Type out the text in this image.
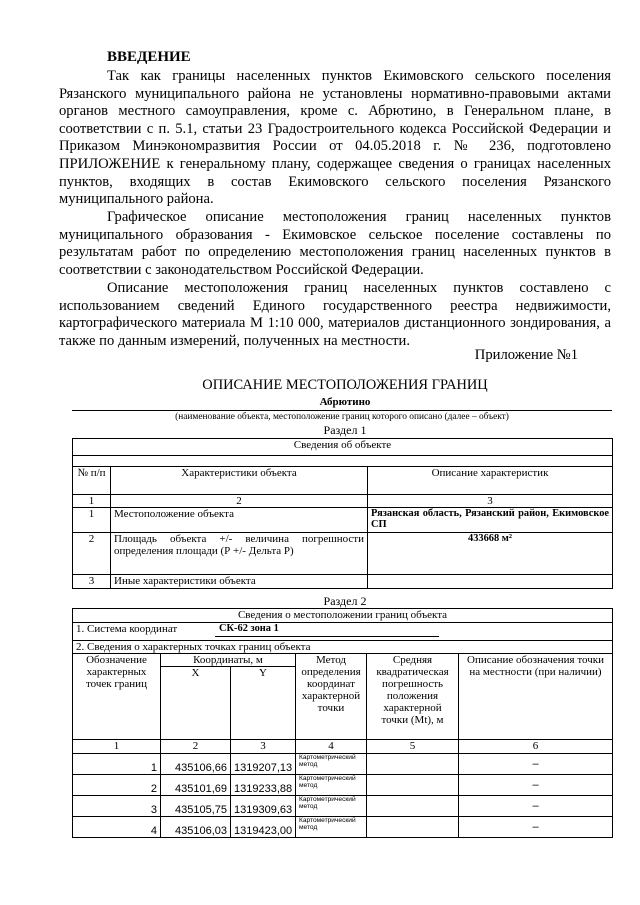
ВВЕДЕНИЕ

Так как границы населенных пунктов Екимовского сельского поселения Рязанского муниципального района не установлены нормативно-правовыми актами органов местного самоуправления, кроме с. Абрютино, в Генеральном плане, в соответствии с п. 5.1, статьи 23 Градостроительного кодекса Российской Федерации и Приказом Минэкономразвития России от 04.05.2018 г. № 236, подготовлено ПРИЛОЖЕНИЕ к генеральному плану, содержащее сведения о границах населенных пунктов, входящих в состав Екимовского сельского поселения Рязанского муниципального района.

Графическое описание местоположения границ населенных пунктов муниципального образования - Екимовское сельское поселение составлены по результатам работ по определению местоположения границ населенных пунктов в соответствии с законодательством Российской Федерации.

Описание местоположения границ населенных пунктов составлено с использованием сведений Единого государственного реестра недвижимости, картографического материала М 1:10 000, материалов дистанционного зондирования, а также по данным измерений, полученных на местности.

Приложение №1
ОПИСАНИЕ МЕСТОПОЛОЖЕНИЯ ГРАНИЦ
Абрютино
(наименование объекта, местоположение границ которого описано (далее – объект)
Раздел 1
Сведения об объекте		

№ п/п	Характеристики объекта	Описание характеристик
1	2	3
1	Местоположение объекта	Рязанская область, Рязанский район, Екимовское СП
2	Площадь объекта +/- величина погрешности определения площади (Р +/- Дельта Р)	433668 м²
3	Иные характеристики объекта	
Раздел 2
Сведения о местоположении границ объекта					
1. Система координат СК-62 зона 1					

2. Сведения о характерных точках границ объекта					
Обозначение характерных точек границ	Координаты, м		Метод определения координат характерной точки	Средняя квадратическая погрешность положения характерной точки (Mt), м	Описание обозначения точки на местности (при наличии)
	X	Y			
1	2	3	4	5	6
1	435106,66	1319207,13	Картометрический метод		–
2	435101,69	1319233,88	Картометрический метод		–
3	435105,75	1319309,63	Картометрический метод		–
4	435106,03	1319423,00	Картометрический метод		–
